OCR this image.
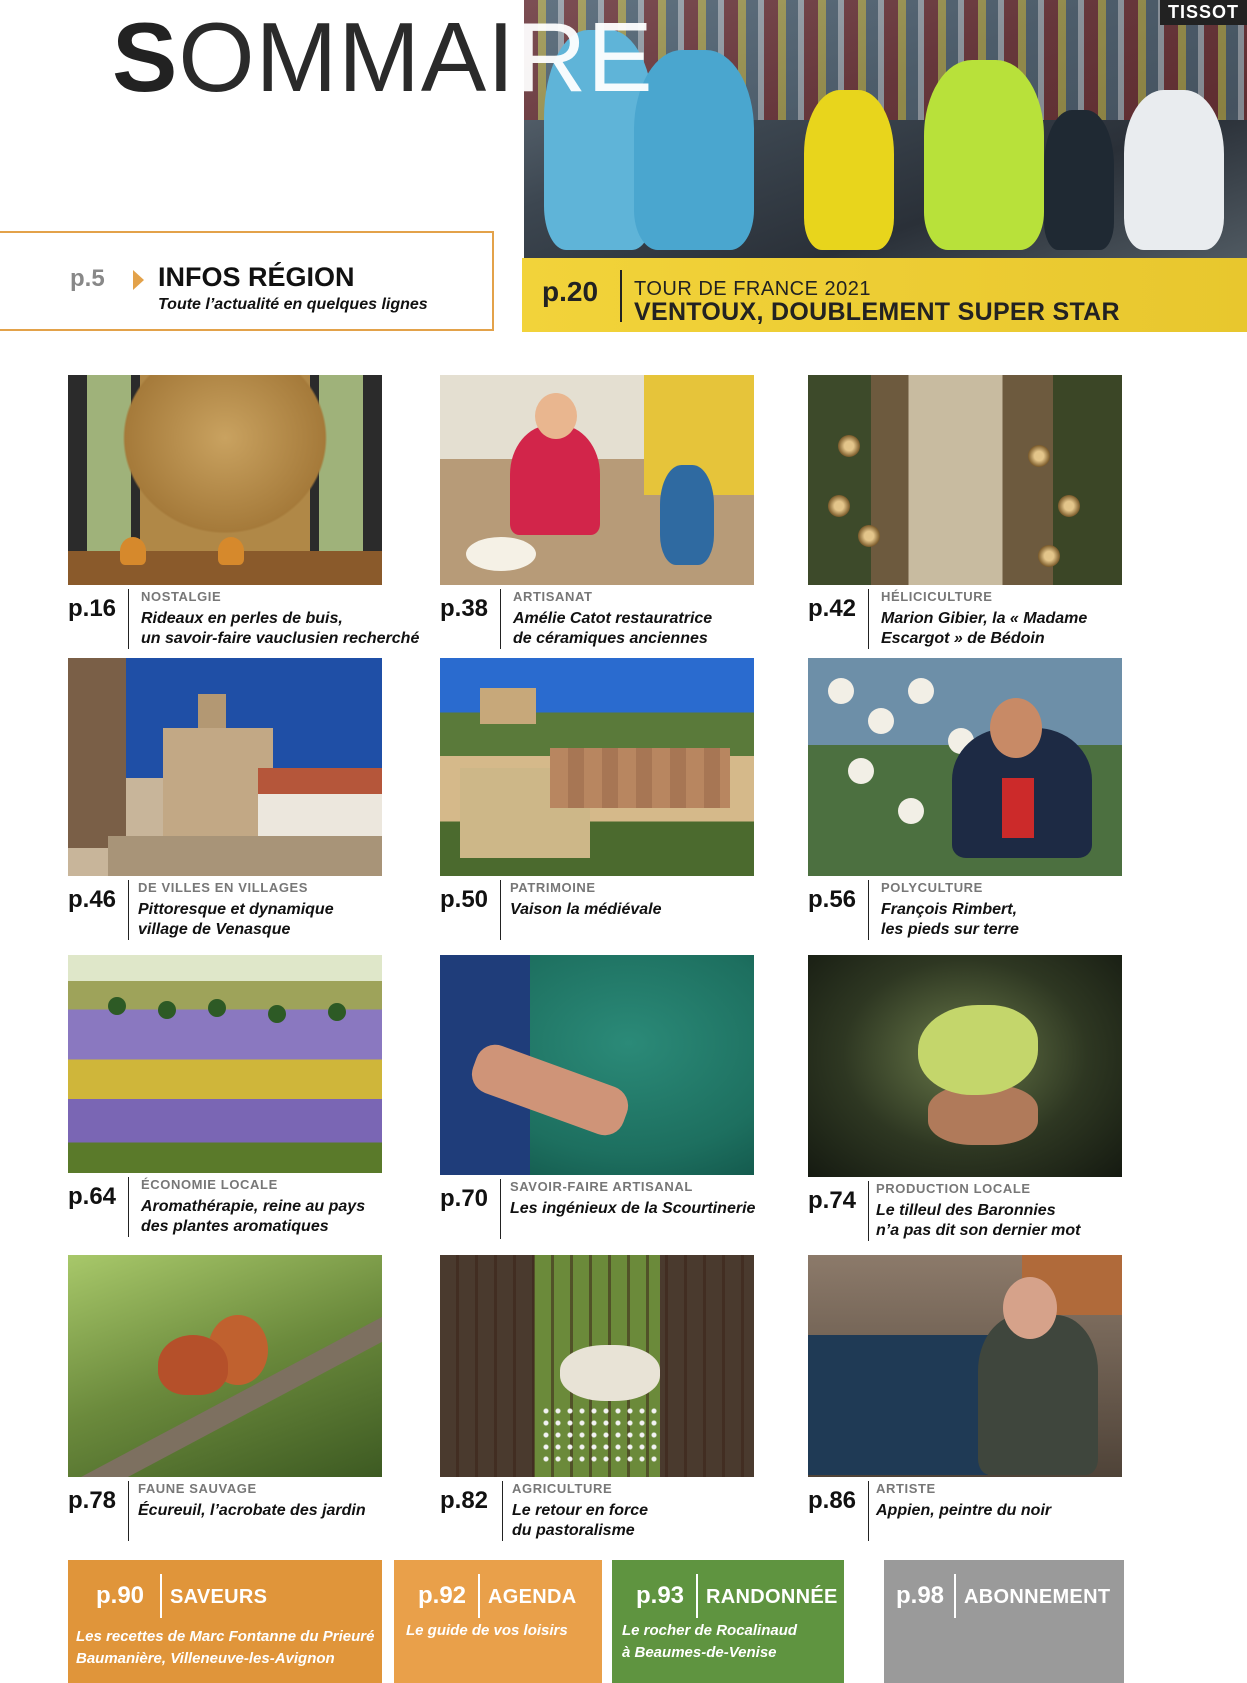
SOMMAIRE	TISSOT
p.20 TOUR DE FRANCE 2021
VENTOUX, DOUBLEMENT SUPER STAR
p.5 INFOS RÉGION
Toute l’actualité en quelques lignes
p.16 NOSTALGIE
Rideaux en perles de buis,
un savoir-faire vauclusien recherché
p.38 ARTISANAT
Amélie Catot restauratrice
de céramiques anciennes
p.42 HÉLICICULTURE
Marion Gibier, la « Madame
Escargot » de Bédoin
p.46 DE VILLES EN VILLAGES
Pittoresque et dynamique
village de Venasque
p.50 PATRIMOINE
Vaison la médiévale	p.56 POLYCULTURE
François Rimbert,
les pieds sur terre
p.64 ÉCONOMIE LOCALE
Aromathérapie, reine au pays
des plantes aromatiques
p.70 SAVOIR-FAIRE ARTISANAL
Les ingénieux de la Scourtinerie	p.74 PRODUCTION LOCALE
Le tilleul des Baronnies
n’a pas dit son dernier mot
p.78 FAUNE SAUVAGE
Écureuil, l’acrobate des jardin	p.82 AGRICULTURE
Le retour en force
du pastoralisme
p.86 ARTISTE
Appien, peintre du noir
p.90 SAVEURS
Les recettes de Marc Fontanne du Prieuré
Baumanière, Villeneuve-les-Avignon
p.92 AGENDA
Le guide de vos loisirs
p.93 RANDONNÉE
Le rocher de Rocalinaud
à Beaumes-de-Venise
p.98 ABONNEMENT
